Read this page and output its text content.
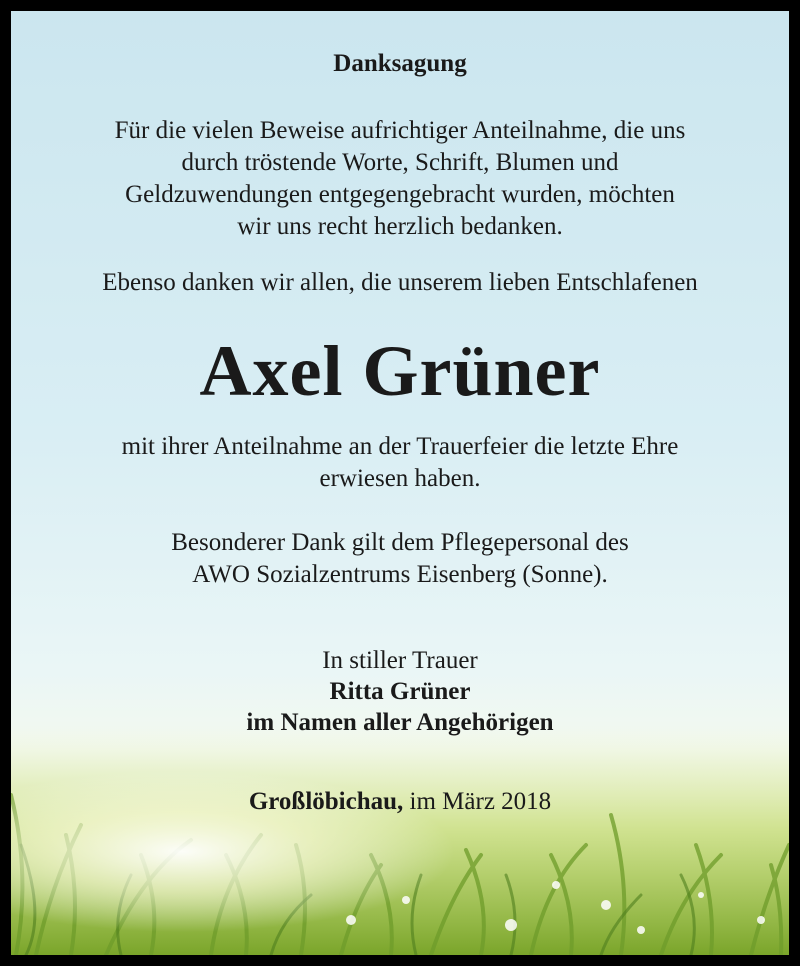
Danksagung
Für die vielen Beweise aufrichtiger Anteilnahme, die uns
durch tröstende Worte, Schrift, Blumen und
Geldzuwendungen entgegengebracht wurden, möchten
wir uns recht herzlich bedanken.
Ebenso danken wir allen, die unserem lieben Entschlafenen
Axel Grüner
mit ihrer Anteilnahme an der Trauerfeier die letzte Ehre
erwiesen haben.
Besonderer Dank gilt dem Pflegepersonal des
AWO Sozialzentrums Eisenberg (Sonne).
In stiller Trauer
Ritta Grüner
im Namen aller Angehörigen
Großlöbichau, im März 2018
